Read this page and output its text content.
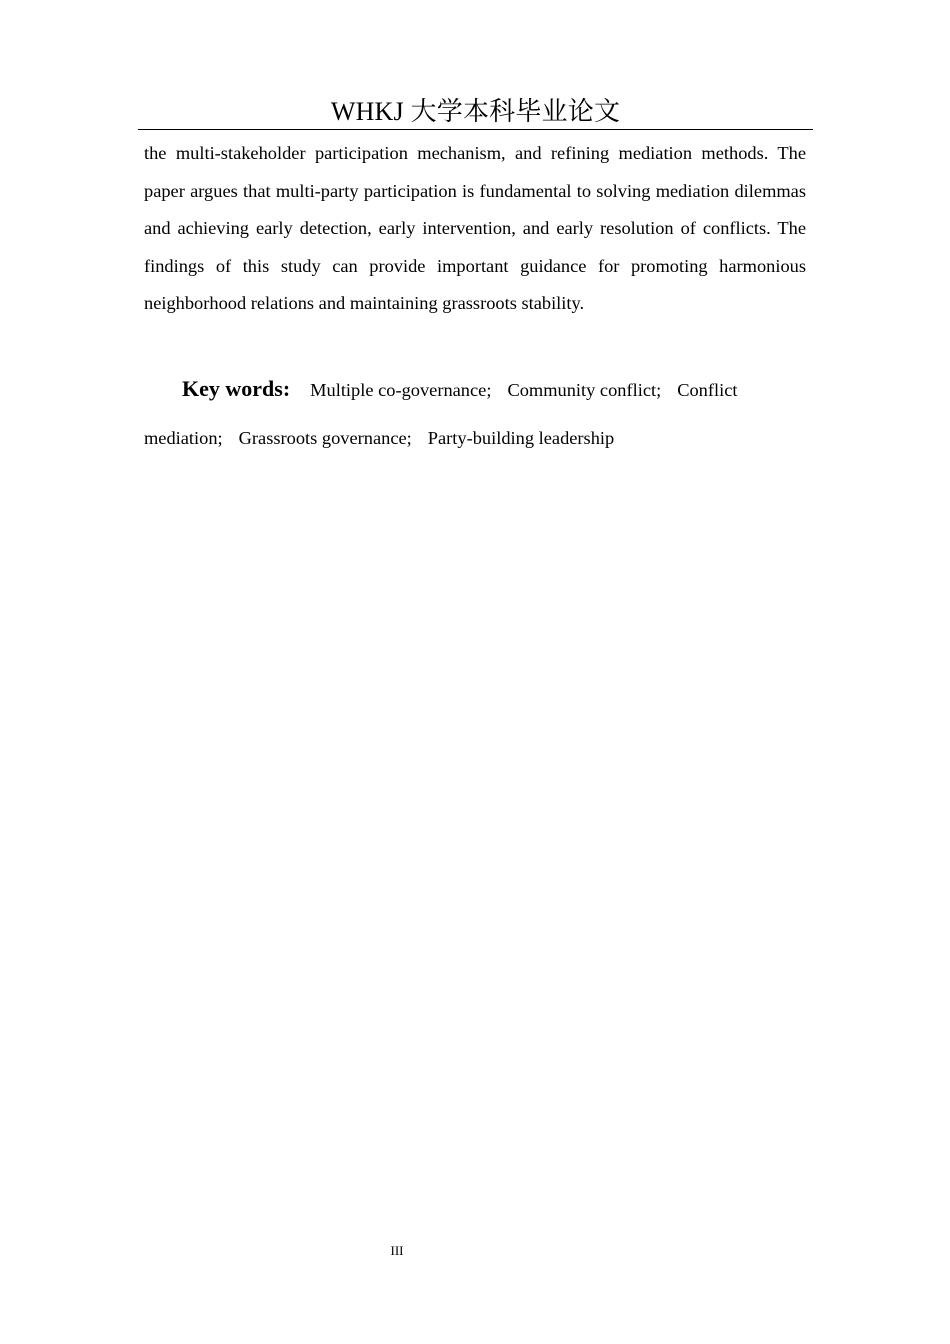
WHKJ 大学本科毕业论文
the multi-stakeholder participation mechanism, and refining mediation methods. The
paper argues that multi-party participation is fundamental to solving mediation dilemmas
and achieving early detection, early intervention, and early resolution of conflicts. The
findings of this study can provide important guidance for promoting harmonious
neighborhood relations and maintaining grassroots stability.
Key words: Multiple co-governance; Community conflict; Conflict
mediation; Grassroots governance; Party-building leadership
III
